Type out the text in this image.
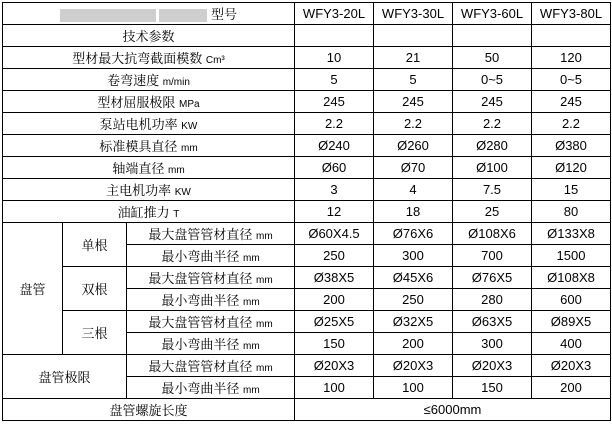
型号			WFY3-20L	WFY3-30L	WFY3-60L	WFY3-80L
技术参数						
型材最大抗弯截面模数 Cm³			10	21	50	120
卷弯速度 m/min			5	5	0~5	0~5
型材屈服极限 MPa			245	245	245	245
泵站电机功率 KW			2.2	2.2	2.2	2.2
标准模具直径 mm			Ø240	Ø260	Ø280	Ø380
轴端直径 mm			Ø60	Ø70	Ø100	Ø120
主电机功率 KW			3	4	7.5	15
油缸推力 T			12	18	25	80
盘管	单根	最大盘管管材直径 mm	Ø60X4.5	Ø76X6	Ø108X6	Ø133X8
		最小弯曲半径 mm	250	300	700	1500
	双根	最大盘管管材直径 mm	Ø38X5	Ø45X6	Ø76X5	Ø108X8
		最小弯曲半径 mm	200	250	280	600
	三根	最大盘管管材直径 mm	Ø25X5	Ø32X5	Ø63X5	Ø89X5
		最小弯曲半径 mm	150	200	300	400
盘管极限		最大盘管管材直径 mm	Ø20X3	Ø20X3	Ø20X3	Ø20X3
		最小弯曲半径 mm	100	100	150	200
盘管螺旋长度			≤6000mm			
